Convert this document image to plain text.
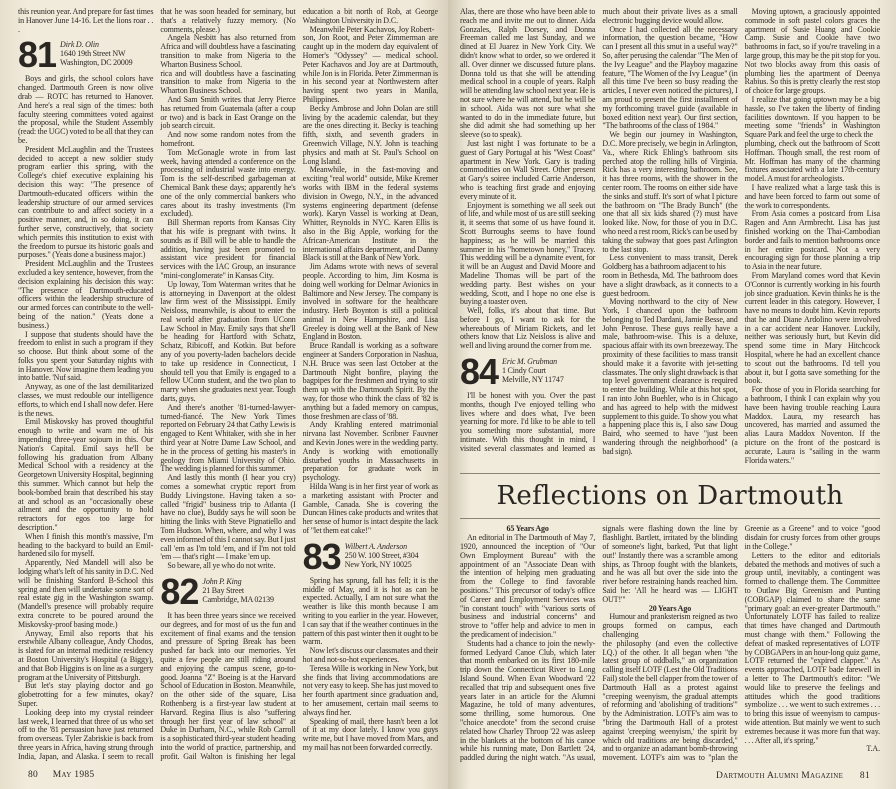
this reunion year. And prepare for fast times in Hanover June 14-16. Let the lions roar . . .

81 Dirk D. Olin
1640 19th Street NW
Washington, DC 20009

Boys and girls, the school colors have changed. Dartmouth Green is now olive drab — ROTC has returned to Hanover. And here's a real sign of the times: both faculty steering committees voted against the proposal, while the Student Assembly (read: the UGC) voted to be all that they can be.

President McLaughlin and the Trustees decided to accept a new soldier study program earlier this spring, with the College's chief executive explaining his decision this way: "The presence of Dartmouth-educated officers within the leadership structure of our armed services can contribute to and affect society in a positive manner, and, in so doing, it can further serve, constructively, that society which permits this institution to exist with the freedom to pursue its historic goals and purposes." (Yeats done a business major.)

President McLaughlin and the Trustees excluded a key sentence, however, from the decision explaining his decision this way: "The presence of Dartmouth-educated officers within the leadership structure of our armed forces can contribute to the well-being of the nation." (Yeats done a business.)

I suppose that students should have the freedom to enlist in such a program if they so choose. But think about some of the folks you spent your Saturday nights with in Hanover. Now imagine them leading you into battle. 'Nuf said.

Anyway, as one of the last demilitarized classes, we must redouble our intelligence efforts, to which end I shall now defer. Here is the news.

Emil Miskovsky has proved thoughtful enough to write and warn me of his impending three-year sojourn in this. Our Nation's Capital. Emil says he'll be following his graduation from Albany Medical School with a residency at the Georgetown University Hospital, beginning this summer. Which cannot but help the book-bombed brain that described his stay at and school as an "occasionally obese ailment and the opportunity to hold retractors for egos too large for description."

When I finish this month's massive, I'm heading to the backyard to build an Emil-hardened silo for myself.

Apparently, Ned Mandell will also be lodging what's left of his sanity in D.C. Ned will be finishing Stanford B-School this spring and then will undertake some sort of real estate gig in the Washington swamp. (Mandell's presence will probably require extra concrete to be poured around the Miskovsky-proof basing mode.)

Anyway, Emil also reports that his erstwhile Albany colleague, Andy Chodos, is slated for an internal medicine residency at Boston University's Hospital (a Biggy), and that Bob Higgins is on line as a surgery program at the University of Pittsburgh.

But let's stay playing doctor and go globetrotting for a few minutes, okay? Super.

Looking deep into my crystal reindeer last week, I learned that three of us who set off to the '81 persuasion have just returned from overseas. Tyler Zabriskie is back from three years in Africa, having strung through India, Japan, and Alaska. I seem to recall that he was soon headed for seminary, but that's a relatively fuzzy memory. (No comments, please.)

Angela Nesbitt has also returned from Africa and will doubtless have a fascinating transition to make from Nigeria to the Wharton Business School.

rica and will doubtless have a fascinating transition to make from Nigeria to the Wharton Business School.

And Sam Smith writes that Jerry Pierce has returned from Guatemala (after a coup or two) and is back in East Orange on the job search circuit.

And now some random notes from the homefront.

Tom McGonagle wrote in from last week, having attended a conference on the processing of industrial waste into energy. Tom is the self-described garbageman at Chemical Bank these days; apparently he's one of the only commercial bankers who cares about its trashy investments (I'm excluded).

Bill Sherman reports from Kansas City that his wife is pregnant with twins. It sounds as if Bill will be able to handle the addition, having just been promoted to assistant vice president for financial services with the IAC Group, an insurance "mini-conglomerate" in Kansas City.

Up loway, Tom Waterman writes that he is attorneying in Davenport at the oldest law firm west of the Mississippi. Emily Neisloss, meanwhile, is about to enter the real world after graduation from UConn Law School in May. Emily says that she'll be heading for Hartford with Schatz, Schatz, Ribicoff, and Kotkin. But before any of you poverty-laden bachelors decide to take up residence in Connecticut, I should tell you that Emily is engaged to a fellow UConn student, and the two plan to marry when she graduates next year. Tough darts, guys.

And there's another '81-turned-lawyer-turned-fiancé. The New York Times reported on February 24 that Cathy Lewis is engaged to Kent Whitaker, with she in her third year at Notre Dame Law School, and he in the process of getting his master's in geology from Miami University of Ohio. The wedding is planned for this summer.

And lastly this month (I hear you cry) comes a somewhat cryptic report from Buddy Livingstone. Having taken a so-called "frigid" business trip to Atlanta (I have no clue), Buddy says he will soon be hitting the links with Steve Pignatiello and Tom Hudson. When, where, and why I was even informed of this I cannot say. But I just call 'em as I'm told 'em, and if I'm not told 'em — that's right — I make 'em up.

So beware, all ye who do not write.

82 John P. King
21 Bay Street
Cambridge, MA 02139

It has been three years since we received our degrees, and for most of us the fun and excitement of final exams and the tension and pressure of Spring Break has been pushed far back into our memories. Yet quite a few people are still riding around and enjoying the campus scene, go-to-good. Joanna "Z" Boeing is at the Harvard School of Education in Boston. Meanwhile, on the other side of the square, Lisa Rothenberg is a first-year law student at Harvard. Regina Ilius is also "suffering through her first year of law school" at Duke in Durham, N.C., while Rob Carroll is a sophisticated third-year student heading into the world of practice, partnership, and profit. Gail Walton is finishing her legal education a bit north of Rob, at George Washington University in D.C.

Meanwhile Peter Kachavos, Joy Robert-

son, Jon Root, and Peter Zimmerman are caught up in the modern day equivalent of Homer's "Odyssey" — medical school. Peter Kachavos and Joy are at Dartmouth, while Jon is in Florida. Peter Zimmerman is in his second year at Northwestern after having spent two years in Manila, Philippines.

Becky Ambrose and John Dolan are still living by the academic calendar, but they are the ones directing it. Becky is teaching fifth, sixth, and seventh graders in Greenwich Village, N.Y. John is teaching physics and math at St. Paul's School on Long Island.

Meanwhile, in the fast-moving and exciting "real world" outside, Mike Kremer works with IBM in the federal systems division in Owego, N.Y., in the advanced systems engineering department (defense work). Karyn Vassel is working at Dean, Whitter, Reynolds in NYC. Karen Ellis is also in the Big Apple, working for the African-American Institute in the international affairs department, and Danny Black is still at the Bank of New York.

Jim Adams wrote with news of several people. According to him, Jim Kosma is doing well working for Delmar Avionics in Baltimore and New Jersey. The company is involved in software for the healthcare industry. Herb Boynton is still a political animal in New Hampshire, and Lisa Greeley is doing well at the Bank of New England in Boston.

Bruce Randall is working as a software engineer at Sanders Corporation in Nashua, N.H. Bruce was seen last October at the Dartmouth Night bonfire, playing the bagpipes for the freshmen and trying to stir them up with the Dartmouth Spirit. By the way, for those who think the class of '82 is anything but a faded memory on campus, those freshmen are class of '88.

Andy Krahling entered matrimonial nirvana last November. Scribner Fauvner and Kevin Jones were in the wedding party. Andy is working with emotionally disturbed youths in Massachusetts in preparation for graduate work in psychology.

Hilda Wang is in her first year of work as a marketing assistant with Procter and Gamble, Canada. She is covering the Duncan Hines cake products and writes that her sense of humor is intact despite the lack of "let them eat cake!"

83 Wilbert A. Anderson
250 W. 100 Street, #304
New York, NY 10025

Spring has sprung, fall has fell; it is the middle of May, and it is hot as can be expected. Actually, I am not sure what the weather is like this month because I am writing to you earlier in the year. However, I can say that if the weather continues in the pattern of this past winter then it ought to be warm.

Now let's discuss our classmates and their hot and not-so-hot experiences.

Teresa Wille is working in New York, but she finds that living accommodations are not very easy to keep. She has just moved to her fourth apartment since graduation and, to her amusement, certain mail seems to always find her.

Speaking of mail, there hasn't been a lot of it at my door lately. I know you guys write me, but I have moved from Mars, and my mail has not been forwarded correctly.

80 May 1985

Alas, there are those who have been able to reach me and invite me out to dinner. Aida Gonzales, Ralph Dorsey, and Donna Freeman called me last Sunday, and we dined at El Juarez in New York City. We didn't know what to order, so we ordered it all. Over dinner we discussed future plans. Donna told us that she will be attending medical school in a couple of years. Ralph will be attending law school next year. He is not sure where he will attend, but he will be in school. Aida was not sure what she wanted to do in the immediate future, but she did admit she had something up her sleeve (so to speak).

Just last night I was fortunate to be a guest of Gary Portugal at his "West Coast" apartment in New York. Gary is trading commodities on Wall Street. Other present at Gary's soiree included Carrie Anderson, who is teaching first grade and enjoying every minute of it.

Enjoyment is something we all seek out of life, and while most of us are still seeking it, it seems that some of us have found it. Scott Burroughs seems to have found happiness; as he will be married this summer in his "hometown honey," Tracey. This wedding will be a dynamite event, for it will be an August and David Moore and Madeline Thomas will be part of the wedding party. Best wishes on your wedding, Scott, and I hope no one else is buying a toaster oven.

Well, folks, it's about that time. But before I go, I want to ask for the whereabouts of Miriam Rickets, and let others know that Liz Neisloss is alive and well and living around the corner from me.

84 Eric M. Grubman
1 Cindy Court
Melville, NY 11747

I'll be honest with you. Over the past months, though I've enjoyed telling who lives where and does what, I've been yearning for more. I'd like to be able to tell you something more substantial, more intimate. With this thought in mind, I visited several classmates and learned as much about their private lives as a small electronic bugging device would allow.

Once I had collected all the necessary information, the question became, "How can I present all this smut in a useful way?" So, after perusing the calendar "The Men of the Ivy League" and the Playboy magazine feature, "The Women of the Ivy League" (in all this time I've been so busy reading the articles, I never even noticed the pictures), I am proud to present the first installment of my forthcoming travel guide (available in boxed edition next year). Our first section, "The bathrooms of the class of 1984."

We begin our journey in Washington, D.C. More precisely, we begin in Arlington, Va., where Rick Ehling's bathroom sits perched atop the rolling hills of Virginia. Rick has a very interesting bathroom. See, it has three rooms, with the shower in the center room. The rooms on either side have the sinks and stuff. It's sort of what I picture the bathroom on "The Brady Bunch" (the one that all six kids shared (?) must have looked like. Now, for those of you in D.C. who need a rest room, Rick's can be used by taking the subway that goes past Arlington to the last stop.

Less convenient to mass transit, Derek Goldberg has a bathroom adjacent to his

room in Bethesda, Md. The bathroom does have a slight drawback, as it connects to a guest bedroom.

Moving northward to the city of New York, I chanced upon the bathroom belonging to Ted Dardani, Jamie Besse, and John Penrose. These guys really have a male, bathroom-wise. This is a deluxe, spacious affair with its own breezeway. The proximity of these facilities to mass transit should make it a favorite with jet-setting classmates. The only slight drawback is that top level government clearance is required to enter the building. While at this hot spot, I ran into John Buehler, who is in Chicago and has agreed to help with the midwest supplement to this guide. To show you what a happening place this is, I also saw Doug Baird, who seemed to have "just been wandering through the neighborhood" (a bad sign).

Moving uptown, a graciously appointed commode in soft pastel colors graces the apartment of Susie Huang and Cookie Camp. Susie and Cookie have two bathrooms in fact, so if you're traveling in a large group, this may be the pit stop for you. Not two blocks away from this oasis of plumbing lies the apartment of Deenya Rabius. So this is pretty clearly the rest stop of choice for large groups.

I realize that going uptown may be a big hassle, so I've taken the liberty of finding facilities downtown. If you happen to be meeting some "friends" in Washington Square Park and feel the urge to check the

plumbing, check out the bathroom of Scott Hoffman. Though small, the rest room of Mr. Hoffman has many of the charming fixtures associated with a late 17th-century model. A must for archeologists.

I have realized what a large task this is and have been forced to farm out some of the work to correspondents.

From Asia comes a postcard from Lisa Ragen and Ann Armbrecht. Lisa has just finished working on the Thai-Cambodian border and fails to mention bathrooms once in her entire postcard. Not a very encouraging sign for those planning a trip to Asia in the near future.

From Maryland comes word that Kevin O'Connor is currently working in his fourth job since graduation. Kevin thinks he is the current leader in this category. However, I have no means to doubt him. Kevin reports that he and Diane Ardolino were involved in a car accident near Hanover. Luckily, neither was seriously hurt, but Kevin did spend some time in Mary Hitchcock Hospital, where he had an excellent chance to scout out the bathrooms. I'd tell you about it, but I gotta save something for the book.

For those of you in Florida searching for a bathroom, I think I can explain why you have been having trouble reaching Laura Maddox. Laura, my research has uncovered, has married and assumed the alias Laura Maddox Noventon. If the picture on the front of the postcard is accurate, Laura is "sailing in the warm Florida waters."

Reflections on Dartmouth

65 Years Ago

An editorial in The Dartmouth of May 7, 1920, announced the inception of "Our Own Employment Bureau" with the appointment of an "Associate Dean with the intention of helping men graduating from the College to find favorable positions." This precursor of today's office of Career and Employment Services was "in constant touch" with "various sorts of business and industrial concerns" and strove to "offer help and advice to men in the predicament of indecision."

Students had a chance to join the newly-formed Ledyard Canoe Club, which later that month embarked on its first 180-mile trip down the Connecticut River to Long Island Sound. When Evan Woodward '22 recalled that trip and subsequent ones five years later in an article for the Alumni Magazine, he told of many adventures, some thrilling, some humorous. One "choice anecdote" from the second cruise related how Charley Throop '22 was asleep in the blankets at the bottom of his canoe while his running mate, Don Bartlett '24, paddled during the night watch. "As usual, signals were flashing down the line by flashlight. Bartlett, irritated by the blinding of someone's light, barked, 'Put that light out!' Instantly there was a scramble among ships, as Throop fought with the blankets, and he was all but over the side into the river before restraining hands reached him. Said he: 'All he heard was — LIGHT OUT!'"

20 Years Ago

Humour and pranksterism reigned as two groups formed on campus, each challenging

the philosophy (and even the collective I.Q.) of the other. It all began when "the latest group of oddballs," an organization calling itself LOTF (Lest the Old Traditions Fail) stole the bell clapper from the tower of Dartmouth Hall as a protest against "creeping weenyism, the gradual attempts of reforming and 'abolishing of traditions'" by the Administration. LOTF's aim was to "bring the Dartmouth Hall of a protest against 'creeping weenyism,' the spirit by which old traditions are being discarded," and to organize an adamant bomb-throwing movement. LOTF's aim was to "plan the Greenie as a Greene" and to voice "good disdain for crusty forces from other groups in the College."

Letters to the editor and editorials debated the methods and motives of such a group until, inevitably, a contingent was formed to challenge them. The Committee to Outlaw Big Greenism and Punting (COBGAP) claimed to share the same "primary goal: an ever-greater Dartmouth." Unfortunately LOTF has failed to realize that times have changed and Dartmouth must change with them." Following the defeat of masked representatives of LOTF by COBGAPers in an hour-long quiz game, LOTF returned the "expired clapper." As events approached, LOTF bade farewell in a letter to The Dartmouth's editor: "We would like to preserve the feelings and attitudes which the good traditions symbolize . . . we went to such extremes . . . to bring this issue of weenyism to campus-wide attention. But mainly we went to such extremes because it was more fun that way. . . . After all, it's spring."

T.A.

Dartmouth Alumni Magazine 81
